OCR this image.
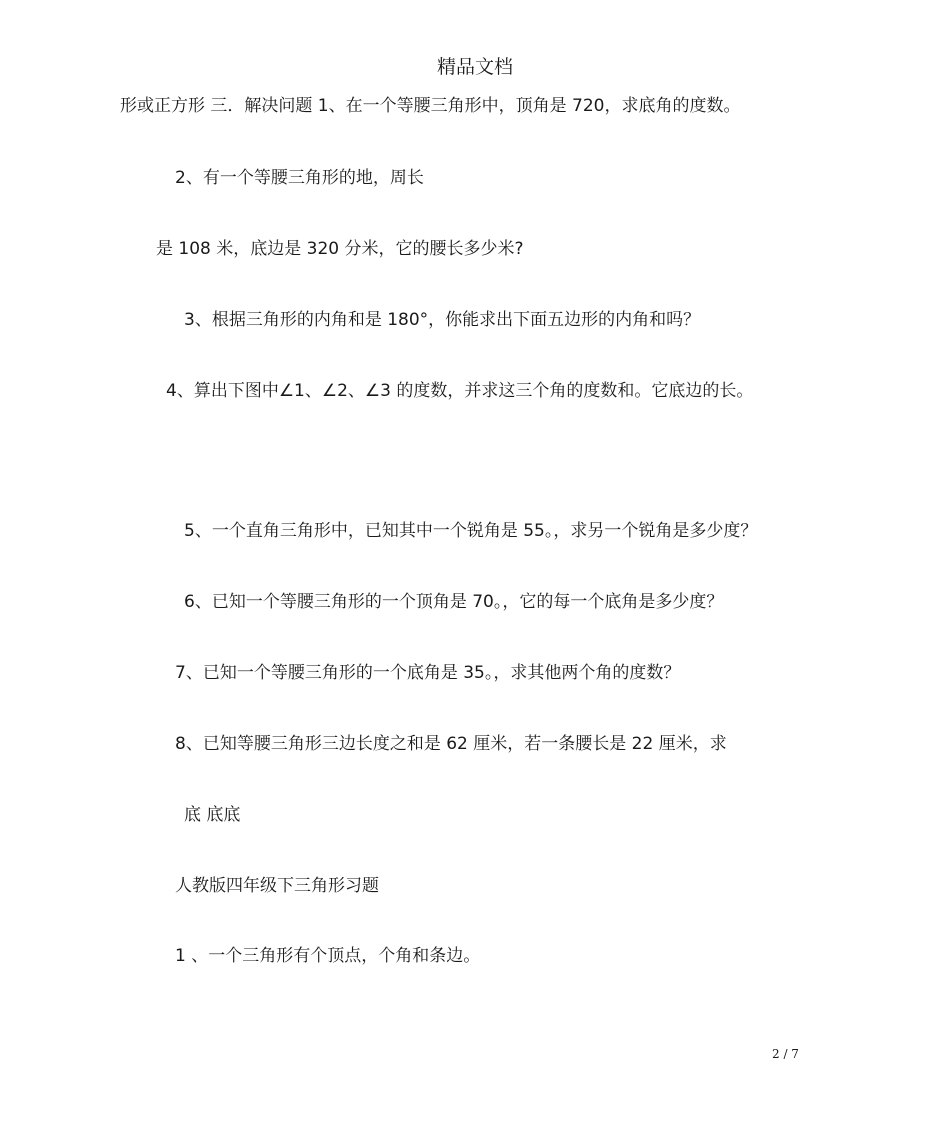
精品文档
形或正方形 三．解决问题 1、在一个等腰三角形中，顶角是 720，求底角的度数。
2、有一个等腰三角形的地，周长
是 108 米，底边是 320 分米，它的腰长多少米?
3、根据三角形的内角和是 180°，你能求出下面五边形的内角和吗？
4、算出下图中∠1、∠2、∠3 的度数，并求这三个角的度数和。它底边的长。
5、一个直角三角形中，已知其中一个锐角是 55。，求另一个锐角是多少度？
6、已知一个等腰三角形的一个顶角是 70。，它的每一个底角是多少度？
7、已知一个等腰三角形的一个底角是 35。，求其他两个角的度数？
8、已知等腰三角形三边长度之和是 62 厘米，若一条腰长是 22 厘米，求
底 底底
人教版四年级下三角形习题
1 、一个三角形有个顶点，个角和条边。
2 / 7
